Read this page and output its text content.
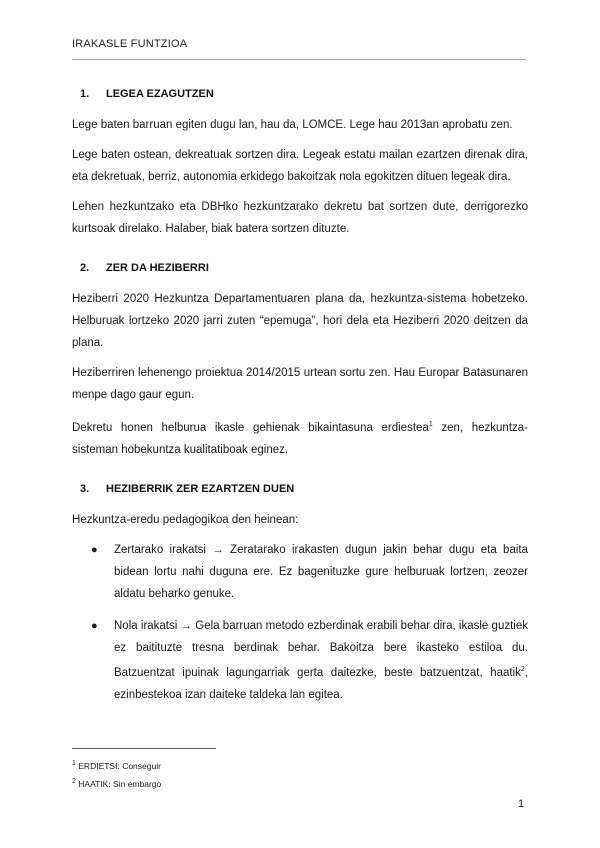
IRAKASLE FUNTZIOA
1.	LEGEA EZAGUTZEN

Lege baten barruan egiten dugu lan, hau da, LOMCE. Lege hau 2013an aprobatu zen.

Lege baten ostean, dekreatuak sortzen dira. Legeak estatu mailan ezartzen direnak dira, eta dekretuak, berriz, autonomia erkidego bakoitzak nola egokitzen dituen legeak dira.

Lehen hezkuntzako eta DBHko hezkuntzarako dekretu bat sortzen dute, derrigorezko kurtsoak direlako. Halaber, biak batera sortzen dituzte.

2.	ZER DA HEZIBERRI

Heziberri 2020 Hezkuntza Departamentuaren plana da, hezkuntza-sistema hobetzeko. Helburuak lortzeko 2020 jarri zuten “epemuga”, hori dela eta Heziberri 2020 deitzen da plana.

Heziberriren lehenengo proiektua 2014/2015 urtean sortu zen. Hau Europar Batasunaren menpe dago gaur egun.

Dekretu honen helburua ikasle gehienak bikaintasuna erdiestea$^1$ zen, hezkuntza-sisteman hobekuntza kualitatiboak eginez.

3.	HEZIBERRIK ZER EZARTZEN DUEN

Hezkuntza-eredu pedagogikoa den heinean:

● Zertarako irakatsi → Zeratarako irakasten dugun jakin behar dugu eta baita bidean lortu nahi duguna ere. Ez bagenituzke gure helburuak lortzen, zeozer aldatu beharko genuke.
● Nola irakatsi → Gela barruan metodo ezberdinak erabili behar dira, ikasle guztiek ez baitituzte tresna berdinak behar. Bakoitza bere ikasteko estiloa du. Batzuentzat ipuinak lagungarriak gerta daitezke, beste batzuentzat, haatik$^2$, ezinbestekoa izan daiteke taldeka lan egitea.
$^1$ ERDIETSI: Conseguir
$^2$ HAATIK: Sin embargo
1
